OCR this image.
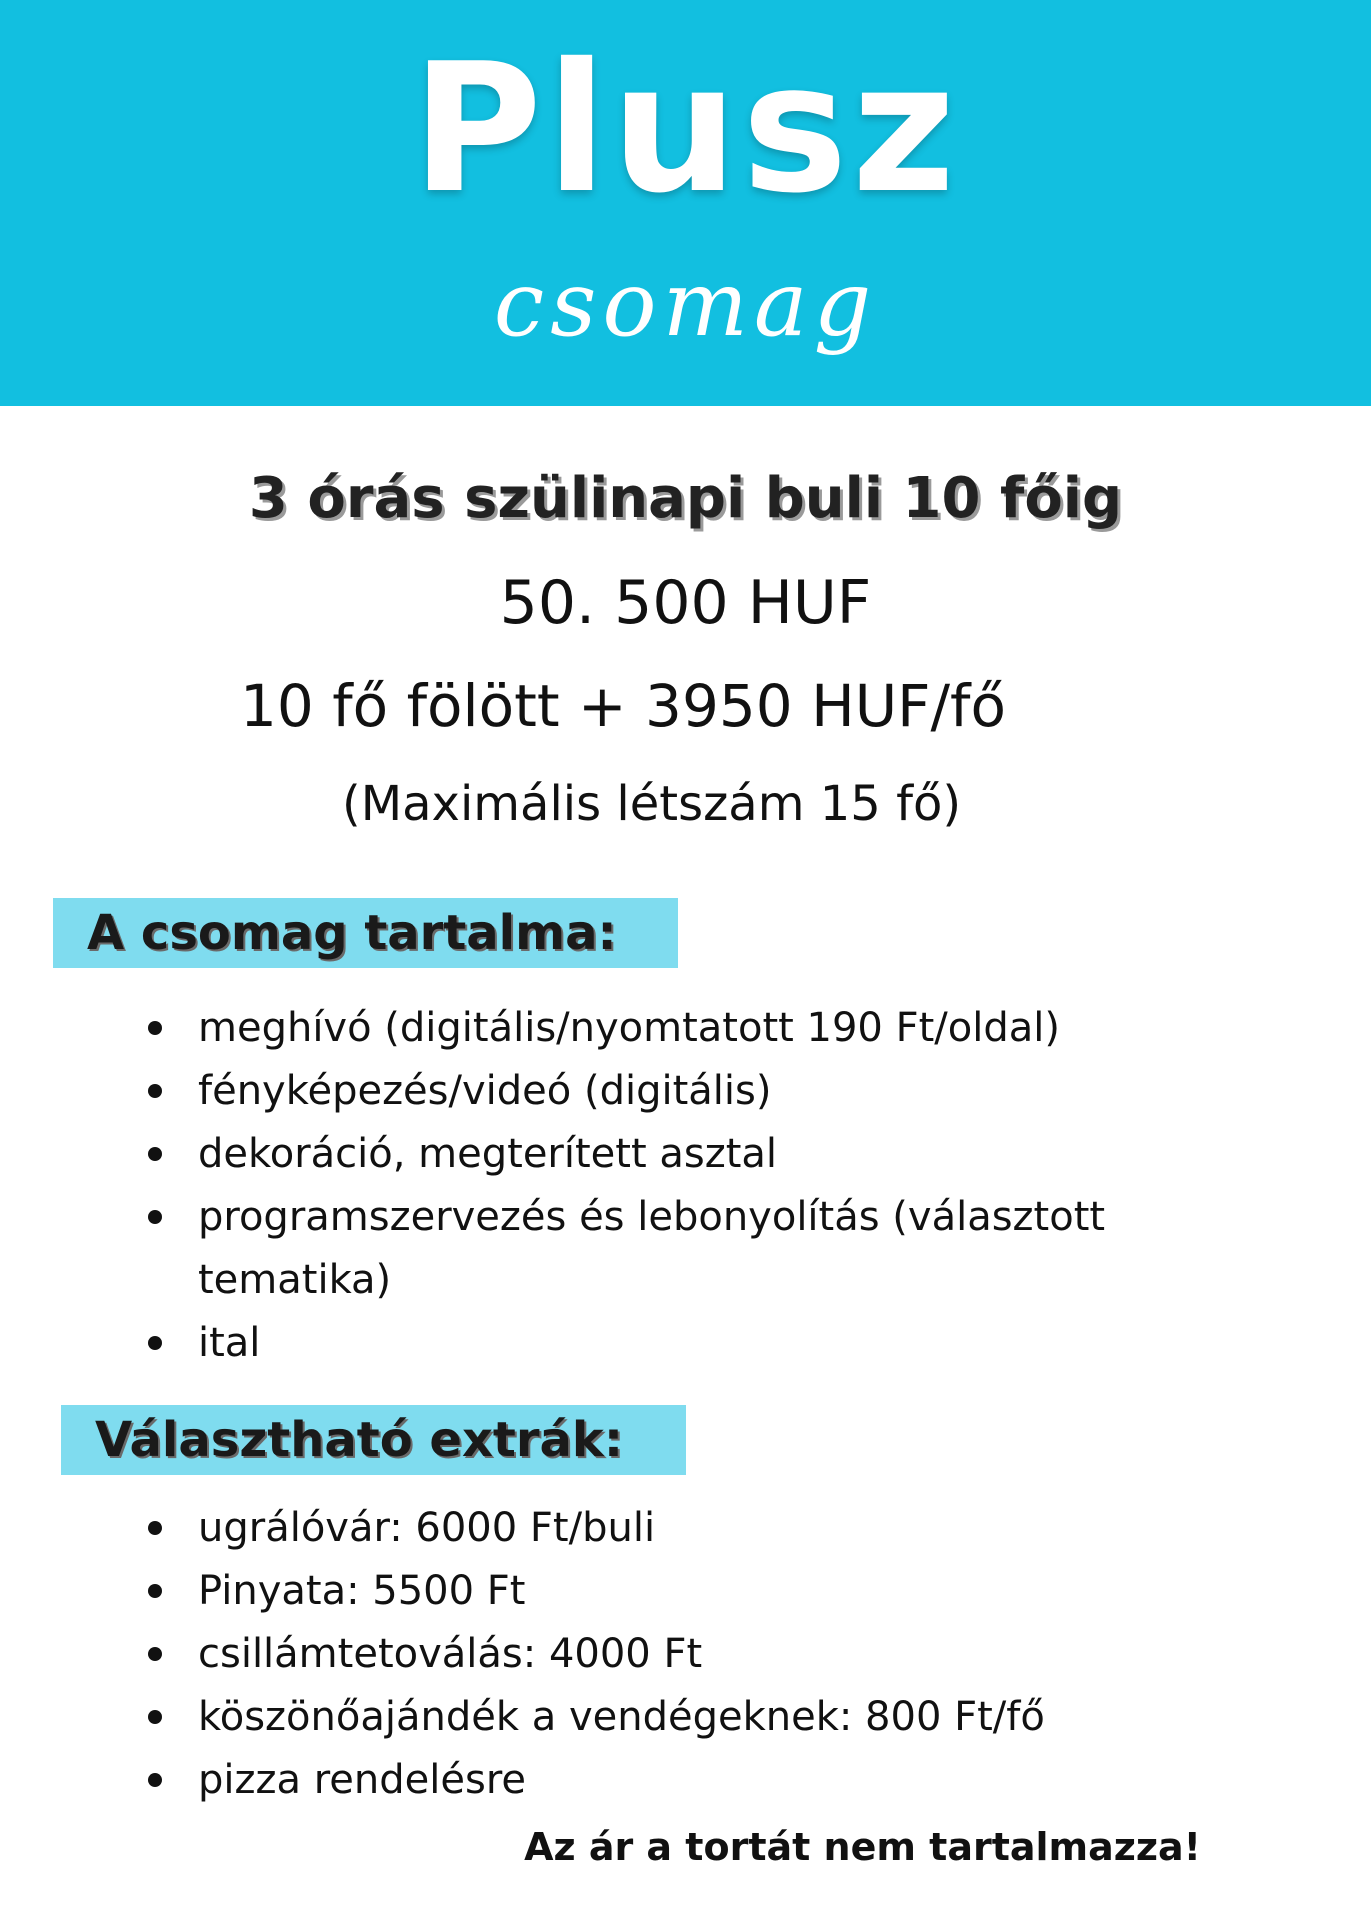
Plusz
csomag
3 órás szülinapi buli 10 főig
50. 500 HUF
10 fő fölött + 3950 HUF/fő
(Maximális létszám 15 fő)
A csomag tartalma:
meghívó (digitális/nyomtatott 190 Ft/oldal)
fényképezés/videó (digitális)
dekoráció, megterített asztal
programszervezés és lebonyolítás (választott tematika)
ital
Választható extrák:
ugrálóvár: 6000 Ft/buli
Pinyata: 5500 Ft
csillámtetoválás: 4000 Ft
köszönőajándék a vendégeknek: 800 Ft/fő
pizza rendelésre
Az ár a tortát nem tartalmazza!
